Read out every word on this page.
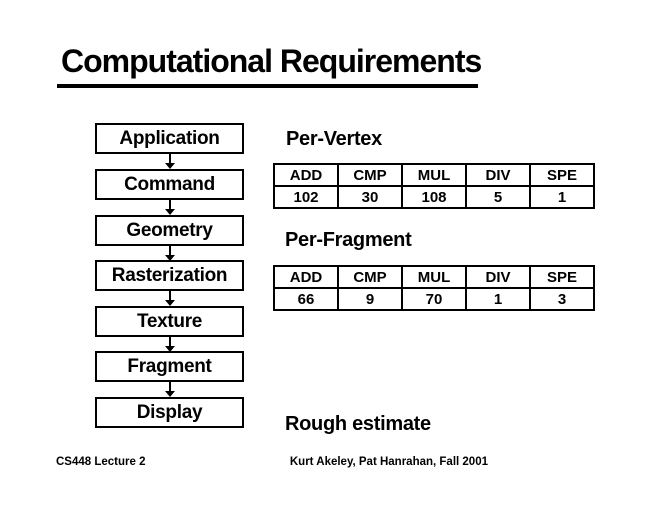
Computational Requirements
Application
Command
Geometry
Rasterization
Texture
Fragment
Display
Per-Vertex
ADD	CMP	MUL	DIV	SPE
102	30	108	5	1
Per-Fragment
ADD	CMP	MUL	DIV	SPE
66	9	70	1	3
Rough estimate
CS448 Lecture 2	Kurt Akeley, Pat Hanrahan, Fall 2001
